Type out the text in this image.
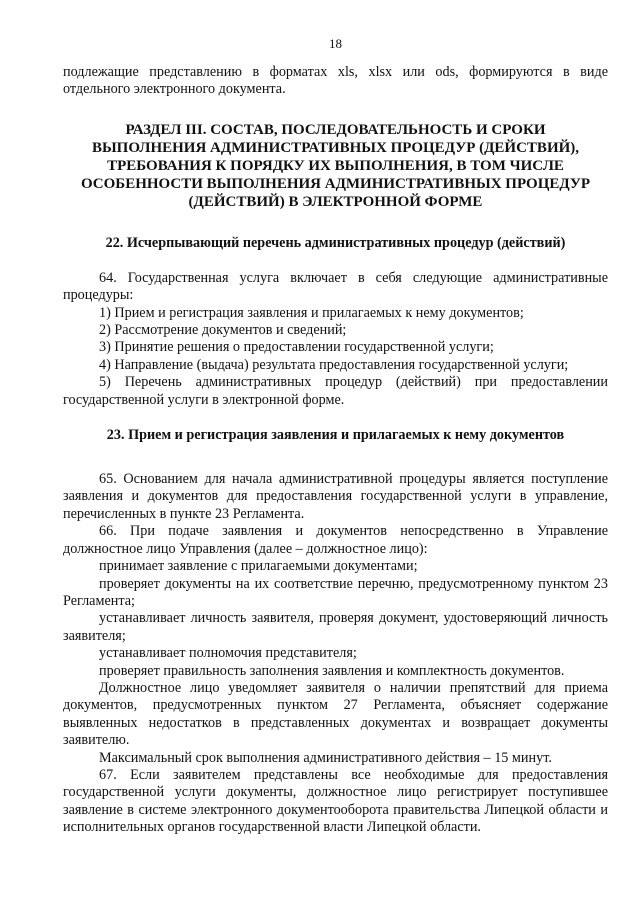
18

подлежащие представлению в форматах xls, xlsx или ods, формируются в виде отдельного электронного документа.

РАЗДЕЛ III. СОСТАВ, ПОСЛЕДОВАТЕЛЬНОСТЬ И СРОКИ ВЫПОЛНЕНИЯ АДМИНИСТРАТИВНЫХ ПРОЦЕДУР (ДЕЙСТВИЙ), ТРЕБОВАНИЯ К ПОРЯДКУ ИХ ВЫПОЛНЕНИЯ, В ТОМ ЧИСЛЕ ОСОБЕННОСТИ ВЫПОЛНЕНИЯ АДМИНИСТРАТИВНЫХ ПРОЦЕДУР (ДЕЙСТВИЙ) В ЭЛЕКТРОННОЙ ФОРМЕ
22. Исчерпывающий перечень административных процедур (действий)

64. Государственная услуга включает в себя следующие административные процедуры:

1) Прием и регистрация заявления и прилагаемых к нему документов;

2) Рассмотрение документов и сведений;

3) Принятие решения о предоставлении государственной услуги;

4) Направление (выдача) результата предоставления государственной услуги;

5) Перечень административных процедур (действий) при предоставлении государственной услуги в электронной форме.

23. Прием и регистрация заявления и прилагаемых к нему документов

65. Основанием для начала административной процедуры является поступление заявления и документов для предоставления государственной услуги в управление, перечисленных в пункте 23 Регламента.

66. При подаче заявления и документов непосредственно в Управление должностное лицо Управления (далее – должностное лицо):

принимает заявление с прилагаемыми документами;

проверяет документы на их соответствие перечню, предусмотренному пунктом 23 Регламента;

устанавливает личность заявителя, проверяя документ, удостоверяющий личность заявителя;

устанавливает полномочия представителя;

проверяет правильность заполнения заявления и комплектность документов.

Должностное лицо уведомляет заявителя о наличии препятствий для приема документов, предусмотренных пунктом 27 Регламента, объясняет содержание выявленных недостатков в представленных документах и возвращает документы заявителю.

Максимальный срок выполнения административного действия – 15 минут.

67. Если заявителем представлены все необходимые для предоставления государственной услуги документы, должностное лицо регистрирует поступившее заявление в системе электронного документооборота правительства Липецкой области и исполнительных органов государственной власти Липецкой области.
